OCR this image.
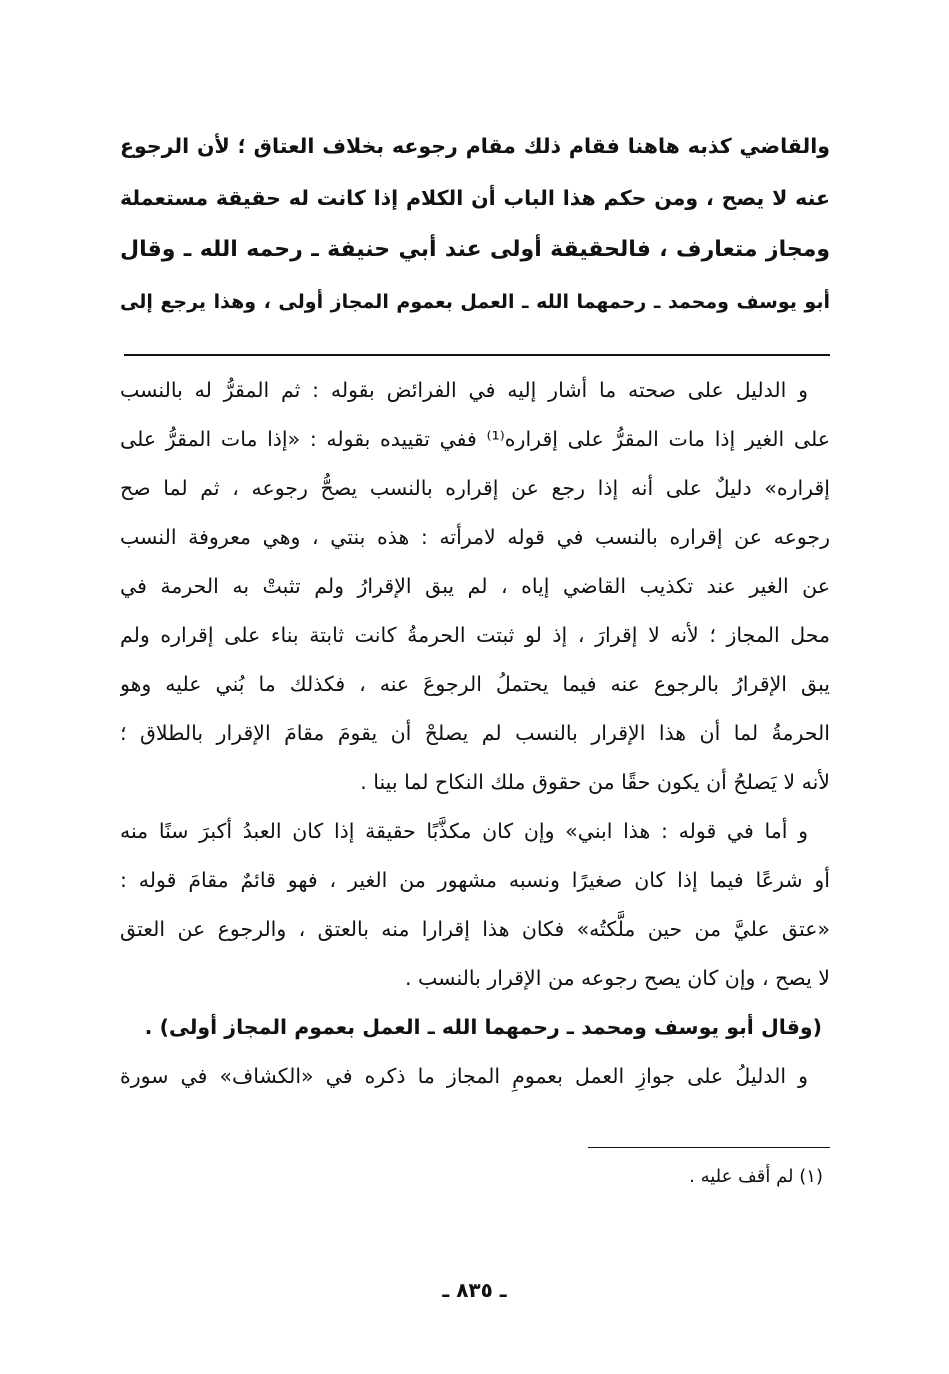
والقاضي كذبه هاهنا فقام ذلك مقام رجوعه بخلاف العتاق ؛ لأن الرجوع
عنه لا يصح ، ومن حكم هذا الباب أن الكلام إذا كانت له حقيقة مستعملة
ومجاز متعارف ، فالحقيقة أولى عند أبي حنيفة ـ رحمه الله ـ وقال
أبو يوسف ومحمد ـ رحمهما الله ـ العمل بعموم المجاز أولى ، وهذا يرجع إلى
و الدليل على صحته ما أشار إليه في الفرائض بقوله : ثم المقرُّ له بالنسب
على الغير إذا مات المقرُّ على إقراره⁽¹⁾ ففي تقييده بقوله : «إذا مات المقرُّ على
إقراره» دليلٌ على أنه إذا رجع عن إقراره بالنسب يصحُّ رجوعه ، ثم لما صح
رجوعه عن إقراره بالنسب في قوله لامرأته : هذه بنتي ، وهي معروفة النسب
عن الغير عند تكذيب القاضي إياه ، لم يبق الإقرارُ ولم تثبتْ به الحرمة في
محل المجاز ؛ لأنه لا إقرارَ ، إذ لو ثبتت الحرمةُ كانت ثابتة بناء على إقراره ولم
يبق الإقرارُ بالرجوع عنه فيما يحتملُ الرجوعَ عنه ، فكذلك ما بُني عليه وهو
الحرمةُ لما أن هذا الإقرار بالنسب لم يصلحْ أن يقومَ مقامَ الإقرار بالطلاق ؛
لأنه لا يَصلحُ أن يكون حقًا من حقوق ملك النكاح لما بينا .
و أما في قوله : هذا ابني» وإن كان مكذَّبًا حقيقة إذا كان العبدُ أكبرَ سنًا منه
أو شرعًا فيما إذا كان صغيرًا ونسبه مشهور من الغير ، فهو قائمٌ مقامَ قوله :
«عتق عليَّ من حين ملَّكتُه» فكان هذا إقرارا منه بالعتق ، والرجوع عن العتق
لا يصح ، وإن كان يصح رجوعه من الإقرار بالنسب .
(وقال أبو يوسف ومحمد ـ رحمهما الله ـ العمل بعموم المجاز أولى) .
و الدليلُ على جوازِ العمل بعمومِ المجاز ما ذكره في «الكشاف» في سورة
(١) لم أقف عليه .
ـ ٨٣٥ ـ
